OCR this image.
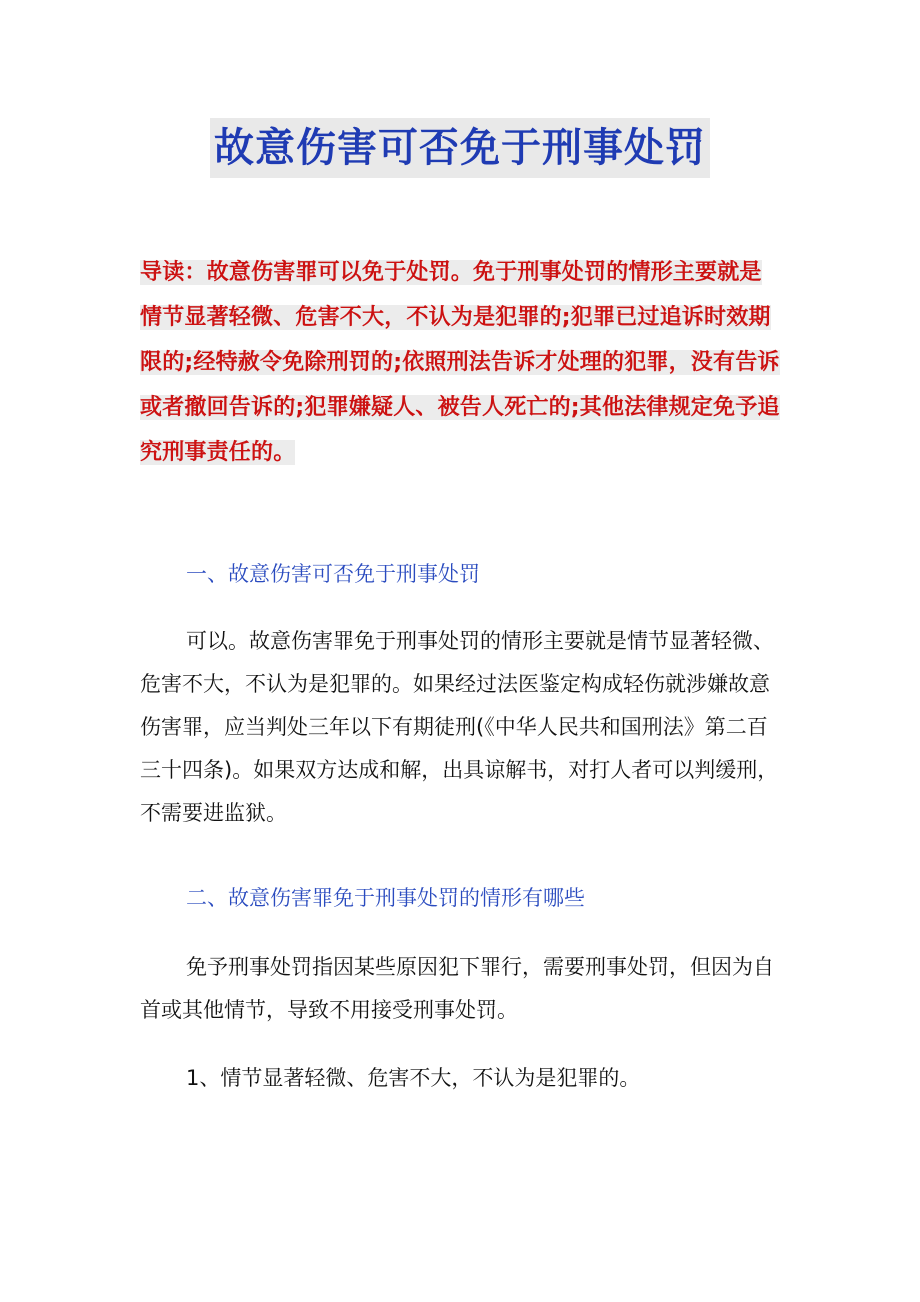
故意伤害可否免于刑事处罚
导读：故意伤害罪可以免于处罚。免于刑事处罚的情形主要就是情节显著轻微、危害不大，不认为是犯罪的;犯罪已过追诉时效期限的;经特赦令免除刑罚的;依照刑法告诉才处理的犯罪，没有告诉或者撤回告诉的;犯罪嫌疑人、被告人死亡的;其他法律规定免予追究刑事责任的。
一、故意伤害可否免于刑事处罚
可以。故意伤害罪免于刑事处罚的情形主要就是情节显著轻微、危害不大，不认为是犯罪的。如果经过法医鉴定构成轻伤就涉嫌故意伤害罪，应当判处三年以下有期徒刑(《中华人民共和国刑法》第二百三十四条)。如果双方达成和解，出具谅解书，对打人者可以判缓刑，不需要进监狱。
二、故意伤害罪免于刑事处罚的情形有哪些
免予刑事处罚指因某些原因犯下罪行，需要刑事处罚，但因为自首或其他情节，导致不用接受刑事处罚。
1、情节显著轻微、危害不大，不认为是犯罪的。
